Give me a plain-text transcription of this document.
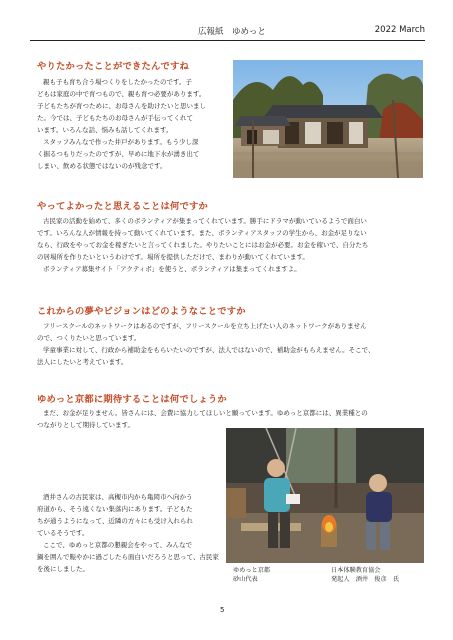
広報紙　ゆめっと	2022 March
やりたかったことができたんですね
親も子も育ち合う場つくりをしたかったのです。子
どもは家庭の中で育つもので、親も育つ必要があります。
子どもたちが育つために、お母さんを助けたいと思いまし
た。今では、子どもたちのお母さんが手伝ってくれて
います。いろんな話、悩みも話してくれます。
スタッフみんなで作った井戸があります。もう少し深
く掘るつもりだったのですが、早めに地下水が湧き出て
しまい、飲める状態ではないのが残念です。
やってよかったと思えることは何ですか
古民家の活動を始めて、多くのボランティアが集まってくれています。勝手にドラマが動いているようで面白い
です。いろんな人が情報を持って動いてくれています。また、ボランティアスタッフの学生から、お金が足りない
なら、行政をやってお金を稼ぎたいと言ってくれました。やりたいことにはお金が必要。お金を稼いで、自分たち
の居場所を作りたいというわけです。場所を提供しただけで、まわりが動いてくれています。
ボランティア募集サイト「アクティボ」を使うと、ボランティアは集まってくれますよ。
これからの夢やビジョンはどのようなことですか
フリースクールのネットワークはあるのですが、フリースクールを立ち上げたい人のネットワークがありません
ので、つくりたいと思っています。
学童事業に対して、行政から補助金をもらいたいのですが、法人ではないので、補助金がもらえません。そこで、
法人にしたいと考えています。
ゆめっと京都に期待することは何でしょうか
まだ、お金が足りません。皆さんには、会費に協力してほしいと願っています。ゆめっと京都には、異業種との
つながりとして期待しています。
酒井さんの古民家は、高槻市内から亀岡市へ向かう
府道から、そう遠くない集落内にあります。子どもた
ちが通うようになって、近隣の方々にも受け入れられ
ているそうです。
ここで、ゆめっと京都の懇親会をやって、みんなで
鍋を囲んで賑やかに過ごしたら面白いだろうと思って、古民家
を後にしました。	ゆめっと京都
砂山代表
日本体験教育協会
発起人　酒井　俊彦　氏
5
